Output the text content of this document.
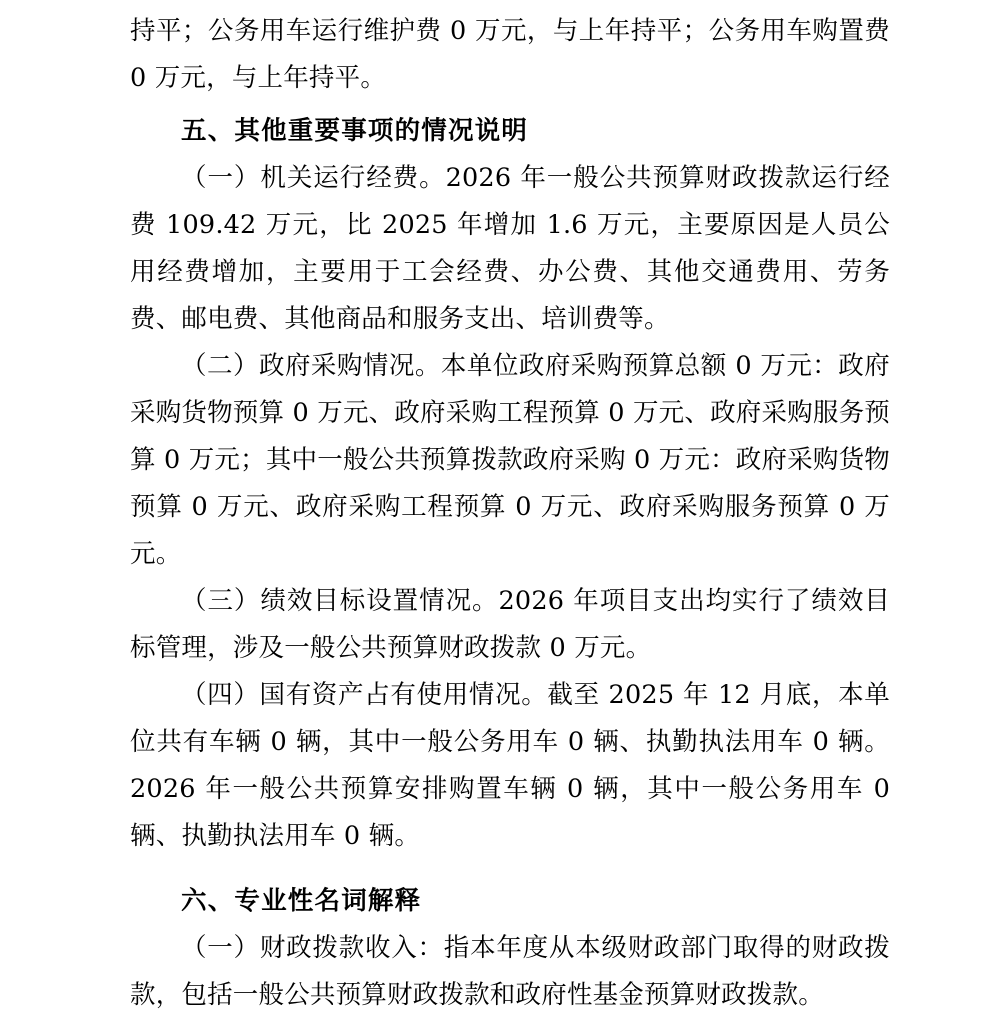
持平；公务用车运行维护费 0 万元，与上年持平；公务用车购置费 0 万元，与上年持平。

五、其他重要事项的情况说明

（一）机关运行经费。2026 年一般公共预算财政拨款运行经费 109.42 万元，比 2025 年增加 1.6 万元，主要原因是人员公用经费增加，主要用于工会经费、办公费、其他交通费用、劳务费、邮电费、其他商品和服务支出、培训费等。

（二）政府采购情况。本单位政府采购预算总额 0 万元：政府采购货物预算 0 万元、政府采购工程预算 0 万元、政府采购服务预算 0 万元；其中一般公共预算拨款政府采购 0 万元：政府采购货物预算 0 万元、政府采购工程预算 0 万元、政府采购服务预算 0 万元。

（三）绩效目标设置情况。2026 年项目支出均实行了绩效目标管理，涉及一般公共预算财政拨款 0 万元。

（四）国有资产占有使用情况。截至 2025 年 12 月底，本单位共有车辆 0 辆，其中一般公务用车 0 辆、执勤执法用车 0 辆。2026 年一般公共预算安排购置车辆 0 辆，其中一般公务用车 0 辆、执勤执法用车 0 辆。

六、专业性名词解释

（一）财政拨款收入：指本年度从本级财政部门取得的财政拨款，包括一般公共预算财政拨款和政府性基金预算财政拨款。
